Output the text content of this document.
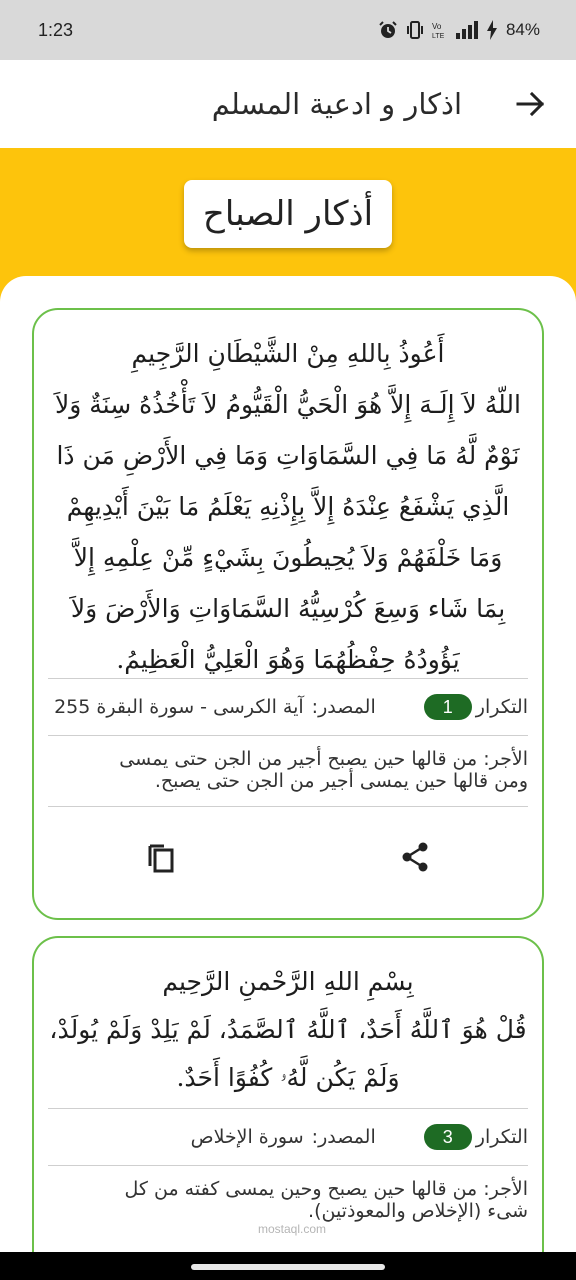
1:23	Vo
LTE	84%
اذكار و ادعية المسلم
أذكار الصباح
أَعُوذُ بِاللهِ مِنْ الشَّيْطَانِ الرَّجِيمِ
اللّهُ لاَ إِلَـهَ إِلاَّ هُوَ الْحَيُّ الْقَيُّومُ لاَ تَأْخُذُهُ سِنَةٌ وَلاَ
نَوْمٌ لَّهُ مَا فِي السَّمَاوَاتِ وَمَا فِي الأَرْضِ مَن ذَا
الَّذِي يَشْفَعُ عِنْدَهُ إِلاَّ بِإِذْنِهِ يَعْلَمُ مَا بَيْنَ أَيْدِيهِمْ
وَمَا خَلْفَهُمْ وَلاَ يُحِيطُونَ بِشَيْءٍ مِّنْ عِلْمِهِ إِلاَّ
بِمَا شَاء وَسِعَ كُرْسِيُّهُ السَّمَاوَاتِ وَالأَرْضَ وَلاَ
يَؤُودُهُ حِفْظُهُمَا وَهُوَ الْعَلِيُّ الْعَظِيمُ.
التكرار
1
المصدر:
آية الكرسى - سورة البقرة 255
الأجر: من قالها حين يصبح أجير من الجن حتى يمسى
ومن قالها حين يمسى أجير من الجن حتى يصبح.
بِسْمِ اللهِ الرَّحْمنِ الرَّحِيم
قُلْ هُوَ ٱللَّهُ أَحَدٌ، ٱللَّهُ ٱلصَّمَدُ، لَمْ يَلِدْ وَلَمْ يُولَدْ،
وَلَمْ يَكُن لَّهُۥ كُفُوًا أَحَدٌ.
التكرار
3
المصدر:
سورة الإخلاص
الأجر: من قالها حين يصبح وحين يمسى كفته من كل
شىء (الإخلاص والمعوذتين).
mostaql.com
